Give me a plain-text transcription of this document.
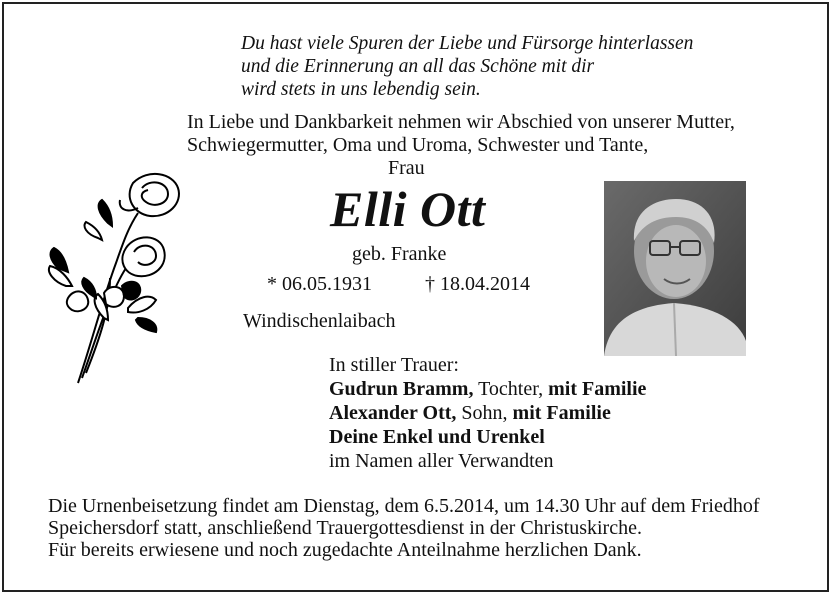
Du hast viele Spuren der Liebe und Fürsorge hinterlassen
und die Erinnerung an all das Schöne mit dir
wird stets in uns lebendig sein.
In Liebe und Dankbarkeit nehmen wir Abschied von unserer Mutter,
Schwiegermutter, Oma und Uroma, Schwester und Tante,
Frau
Elli Ott
geb. Franke
* 06.05.1931	† 18.04.2014
Windischenlaibach
In stiller Trauer:
Gudrun Bramm, Tochter, mit Familie
Alexander Ott, Sohn, mit Familie
Deine Enkel und Urenkel
im Namen aller Verwandten
Die Urnenbeisetzung findet am Dienstag, dem 6.5.2014, um 14.30 Uhr auf dem Friedhof
Speichersdorf statt, anschließend Trauergottesdienst in der Christuskirche.
Für bereits erwiesene und noch zugedachte Anteilnahme herzlichen Dank.
